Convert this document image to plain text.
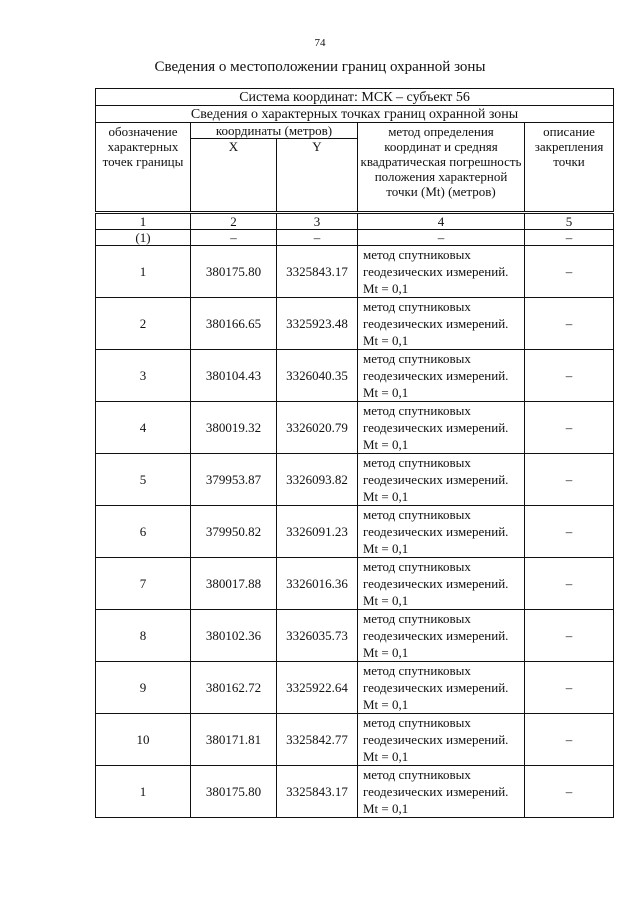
74
Сведения о местоположении границ охранной зоны
Система координат: МСК – субъект 56				
Сведения о характерных точках границ охранной зоны				
обозначение характерных точек границы	координаты (метров)		метод определения координат и средняя квадратическая погрешность положения характерной точки (Mt) (метров)	описание закрепления точки
	X	Y		
1	2	3	4	5
(1)	–	–	–	–
1	380175.80	3325843.17	метод спутниковых геодезических измерений. Mt = 0,1	–
2	380166.65	3325923.48	метод спутниковых геодезических измерений. Mt = 0,1	–
3	380104.43	3326040.35	метод спутниковых геодезических измерений. Mt = 0,1	–
4	380019.32	3326020.79	метод спутниковых геодезических измерений. Mt = 0,1	–
5	379953.87	3326093.82	метод спутниковых геодезических измерений. Mt = 0,1	–
6	379950.82	3326091.23	метод спутниковых геодезических измерений. Mt = 0,1	–
7	380017.88	3326016.36	метод спутниковых геодезических измерений. Mt = 0,1	–
8	380102.36	3326035.73	метод спутниковых геодезических измерений. Mt = 0,1	–
9	380162.72	3325922.64	метод спутниковых геодезических измерений. Mt = 0,1	–
10	380171.81	3325842.77	метод спутниковых геодезических измерений. Mt = 0,1	–
1	380175.80	3325843.17	метод спутниковых геодезических измерений. Mt = 0,1	–
